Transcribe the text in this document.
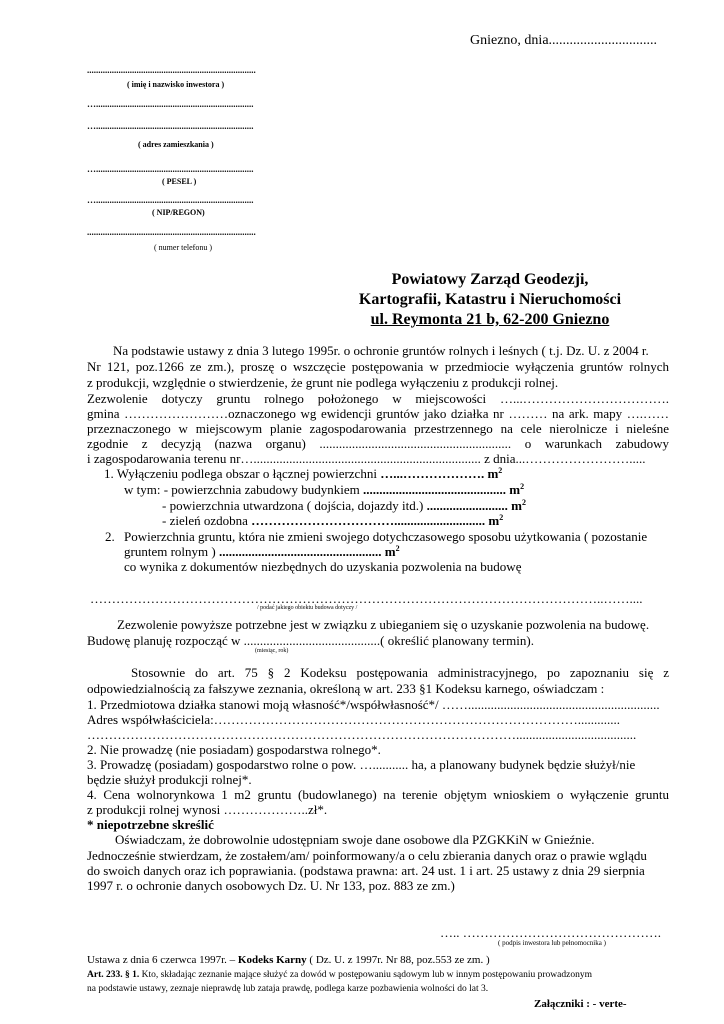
Gniezno, dnia...............................
...........................................................................
( imię i nazwisko inwestora )
…......................................................................
…......................................................................
( adres zamieszkania )
…......................................................................
( PESEL )
…......................................................................
( NIP/REGON)
...........................................................................
( numer telefonu )
Powiatowy Zarząd Geodezji,
Kartografii, Katastru i Nieruchomości
ul. Reymonta 21 b, 62-200 Gniezno
Na podstawie ustawy z dnia 3 lutego 1995r. o ochronie gruntów rolnych i leśnych ( t.j. Dz. U. z 2004 r.
Nr 121, poz.1266 ze zm.), proszę o wszczęcie postępowania w przedmiocie wyłączenia gruntów rolnych
z produkcji, względnie o stwierdzenie, że grunt nie podlega wyłączeniu z produkcji rolnej.
Zezwolenie dotyczy gruntu rolnego położonego w miejscowości …...…………………………….
gmina ……………………oznaczonego wg ewidencji gruntów jako działka nr ……… na ark. mapy ….……
przeznaczonego w miejscowym planie zagospodarowania przestrzennego na cele nierolnicze i nieleśne
zgodnie z decyzją (nazwa organu) ........................................................... o warunkach zabudowy
i zagospodarowania terenu nr…...................................................................... z dnia...…………………….....
1. Wyłączeniu podlega obszar o łącznej powierzchni …...………………. $m^2$
w tym: - powierzchnia zabudowy budynkiem ............................................ $m^2$
- powierzchnia utwardzona ( dojścia, dojazdy itd.) ......................... $m^2$
- zieleń ozdobna ……………………………............................ $m^2$
2. Powierzchnia gruntu, która nie zmieni swojego dotychczasowego sposobu użytkowania ( pozostanie
gruntem rolnym ) .................................................. $m^2$
co wynika z dokumentów niezbędnych do uzyskania pozwolenia na budowę
………………………………………………………………………………………………………..……....
/ podać jakiego obiektu budowa dotyczy /
Zezwolenie powyższe potrzebne jest w związku z ubieganiem się o uzyskanie pozwolenia na budowę.
Budowę planuję rozpocząć w ..........................................( określić planowany termin).
(miesiąc, rok)
Stosownie do art. 75 § 2 Kodeksu postępowania administracyjnego, po zapoznaniu się z
odpowiedzialnością za fałszywe zeznania, określoną w art. 233 §1 Kodeksu karnego, oświadczam :
1. Przedmiotowa działka stanowi moją własność*/współwłasność*/ ……...........................................................
Adres współwłaściciela:………………………………………………………………………….............
……………………………………………………………………………………….....................................
2. Nie prowadzę (nie posiadam) gospodarstwa rolnego*.
3. Prowadzę (posiadam) gospodarstwo rolne o pow. …........... ha, a planowany budynek będzie służył/nie
będzie służył produkcji rolnej*.
4. Cena wolnorynkowa 1 m2 gruntu (budowlanego) na terenie objętym wnioskiem o wyłączenie gruntu
z produkcji rolnej wynosi ………………..zł*.
* niepotrzebne skreślić
Oświadczam, że dobrowolnie udostępniam swoje dane osobowe dla PZGKKiN w Gnieźnie.
Jednocześnie stwierdzam, że zostałem/am/ poinformowany/a o celu zbierania danych oraz o prawie wglądu
do swoich danych oraz ich poprawiania. (podstawa prawna: art. 24 ust. 1 i art. 25 ustawy z dnia 29 sierpnia
1997 r. o ochronie danych osobowych Dz. U. Nr 133, poz. 883 ze zm.)
….. ……………………………………….
( podpis inwestora lub pełnomocnika )
Ustawa z dnia 6 czerwca 1997r. – Kodeks Karny ( Dz. U. z 1997r. Nr 88, poz.553 ze zm. )
Art. 233. § 1. Kto, składając zeznanie mające służyć za dowód w postępowaniu sądowym lub w innym postępowaniu prowadzonym
na podstawie ustawy, zeznaje nieprawdę lub zataja prawdę, podlega karze pozbawienia wolności do lat 3.
Załączniki : - verte-
